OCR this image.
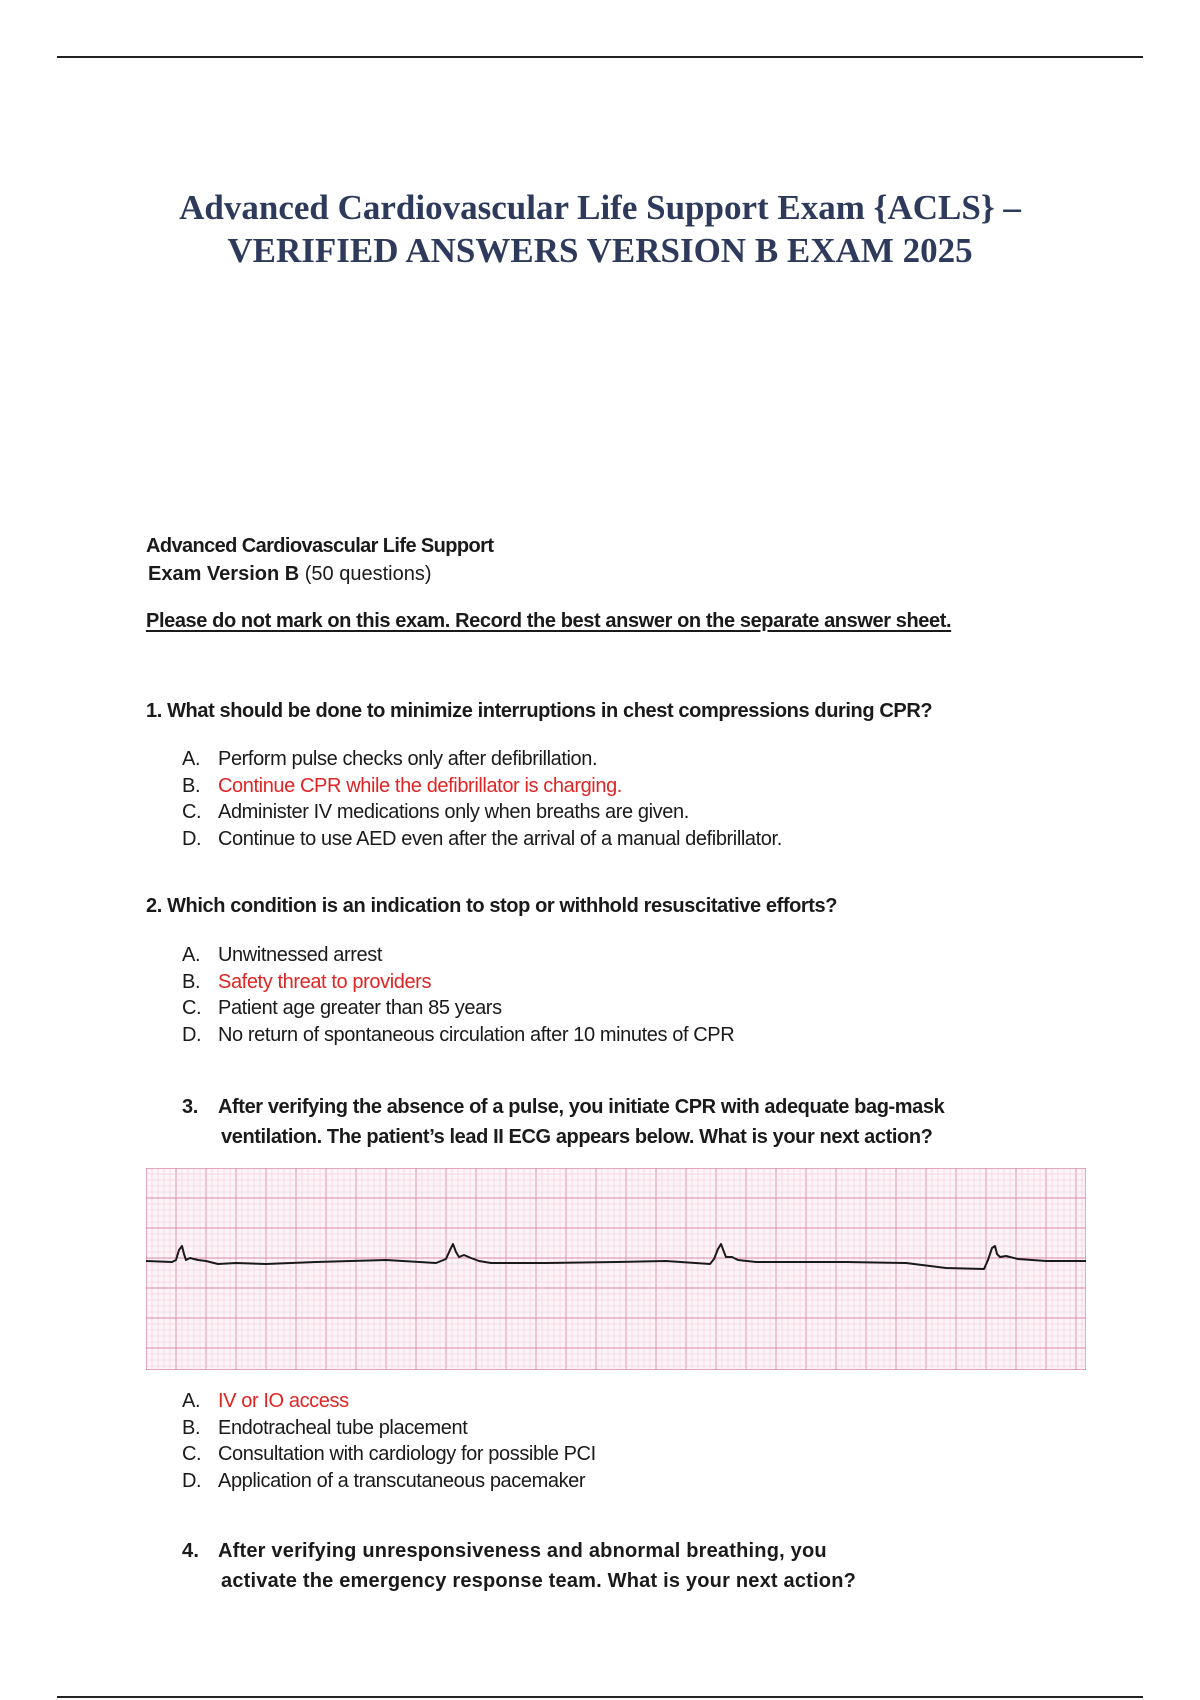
Advanced Cardiovascular Life Support Exam {ACLS} –
VERIFIED ANSWERS VERSION B EXAM 2025
Advanced Cardiovascular Life Support
Exam Version B (50 questions)
Please do not mark on this exam. Record the best answer on the separate answer sheet.
1. What should be done to minimize interruptions in chest compressions during CPR?
A. Perform pulse checks only after defibrillation.
B. Continue CPR while the defibrillator is charging.
C. Administer IV medications only when breaths are given.
D. Continue to use AED even after the arrival of a manual defibrillator.
2. Which condition is an indication to stop or withhold resuscitative efforts?
A. Unwitnessed arrest
B. Safety threat to providers
C. Patient age greater than 85 years
D. No return of spontaneous circulation after 10 minutes of CPR
3. After verifying the absence of a pulse, you initiate CPR with adequate bag-mask
ventilation. The patient’s lead II ECG appears below. What is your next action?
A. IV or IO access
B. Endotracheal tube placement
C. Consultation with cardiology for possible PCI
D. Application of a transcutaneous pacemaker
4. After verifying unresponsiveness and abnormal breathing, you
activate the emergency response team. What is your next action?
